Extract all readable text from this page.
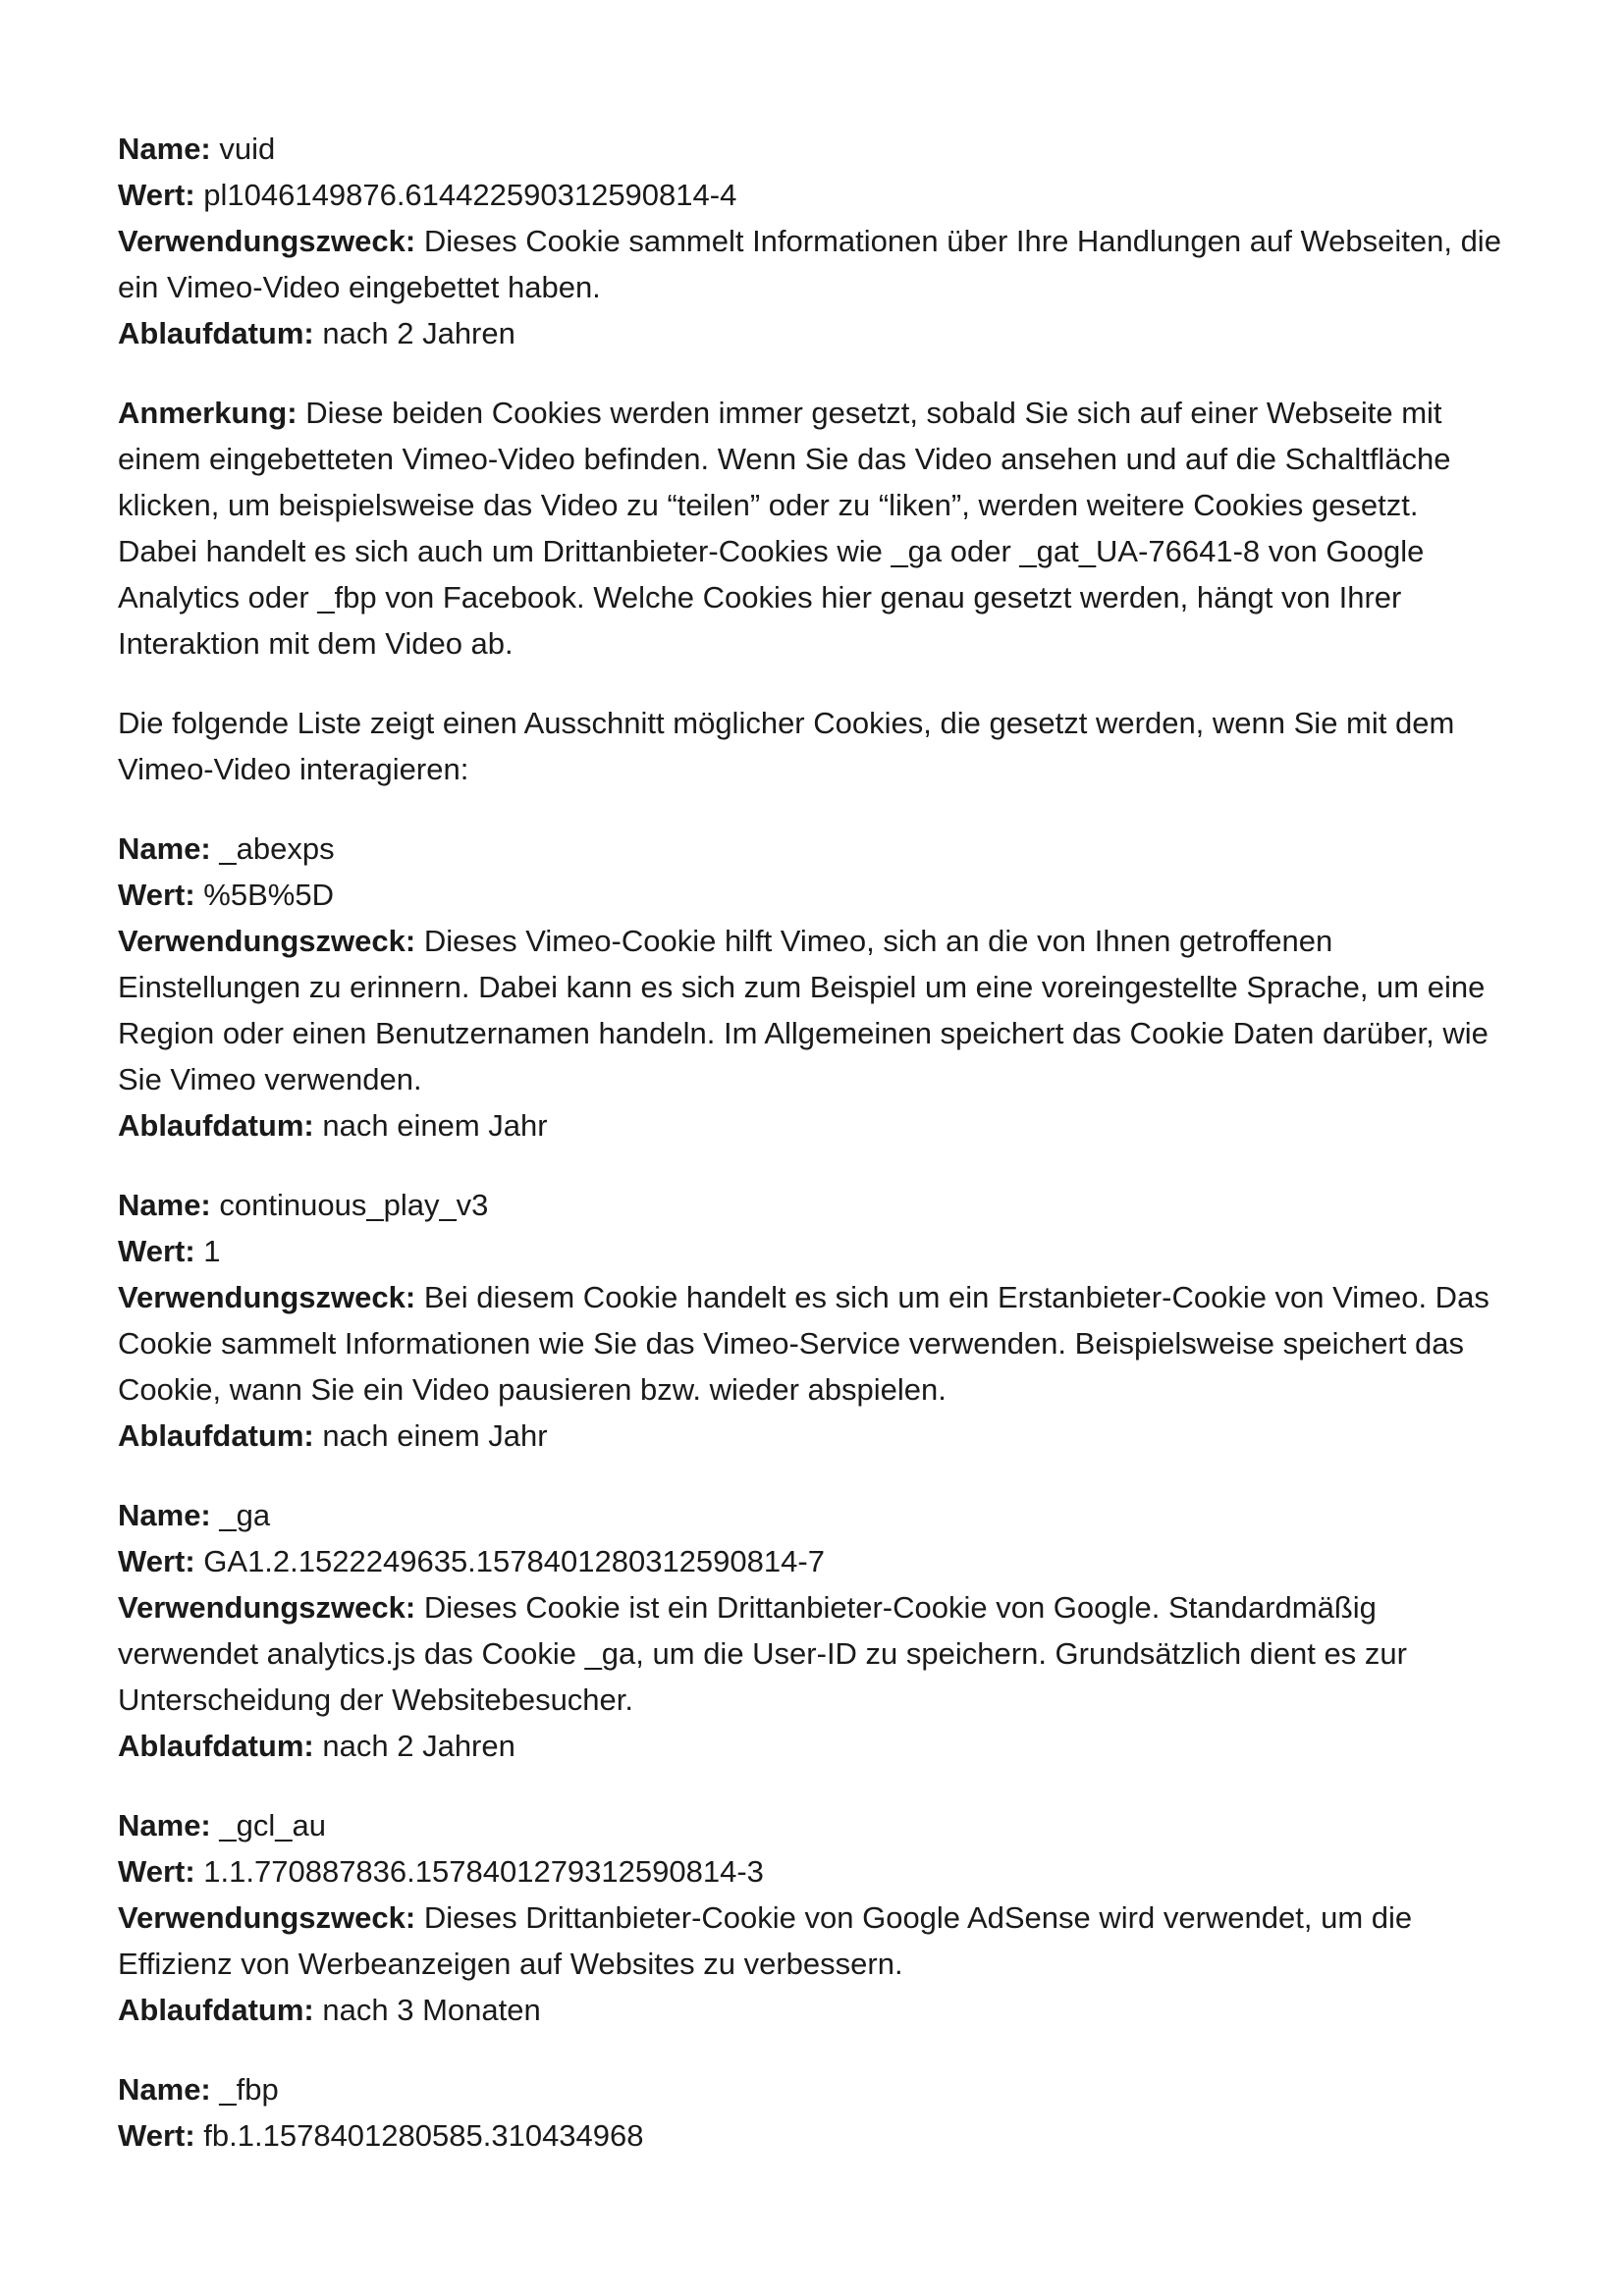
Name: vuid

Wert: pl1046149876.614422590312590814-4

Verwendungszweck: Dieses Cookie sammelt Informationen über Ihre Handlungen auf Webseiten, die ein Vimeo-Video eingebettet haben.

Ablaufdatum: nach 2 Jahren

Anmerkung: Diese beiden Cookies werden immer gesetzt, sobald Sie sich auf einer Webseite mit einem eingebetteten Vimeo-Video befinden. Wenn Sie das Video ansehen und auf die Schaltfläche klicken, um beispielsweise das Video zu “teilen” oder zu “liken”, werden weitere Cookies gesetzt. Dabei handelt es sich auch um Drittanbieter-Cookies wie _ga oder _gat_UA-76641-8 von Google Analytics oder _fbp von Facebook. Welche Cookies hier genau gesetzt werden, hängt von Ihrer Interaktion mit dem Video ab.

Die folgende Liste zeigt einen Ausschnitt möglicher Cookies, die gesetzt werden, wenn Sie mit dem Vimeo-Video interagieren:

Name: _abexps

Wert: %5B%5D

Verwendungszweck: Dieses Vimeo-Cookie hilft Vimeo, sich an die von Ihnen getroffenen Einstellungen zu erinnern. Dabei kann es sich zum Beispiel um eine voreingestellte Sprache, um eine Region oder einen Benutzernamen handeln. Im Allgemeinen speichert das Cookie Daten darüber, wie Sie Vimeo verwenden.

Ablaufdatum: nach einem Jahr

Name: continuous_play_v3

Wert: 1

Verwendungszweck: Bei diesem Cookie handelt es sich um ein Erstanbieter-Cookie von Vimeo. Das Cookie sammelt Informationen wie Sie das Vimeo-Service verwenden. Beispielsweise speichert das Cookie, wann Sie ein Video pausieren bzw. wieder abspielen.

Ablaufdatum: nach einem Jahr

Name: _ga

Wert: GA1.2.1522249635.1578401280312590814-7

Verwendungszweck: Dieses Cookie ist ein Drittanbieter-Cookie von Google. Standardmäßig verwendet analytics.js das Cookie _ga, um die User-ID zu speichern. Grundsätzlich dient es zur Unterscheidung der Websitebesucher.

Ablaufdatum: nach 2 Jahren

Name: _gcl_au

Wert: 1.1.770887836.1578401279312590814-3

Verwendungszweck: Dieses Drittanbieter-Cookie von Google AdSense wird verwendet, um die Effizienz von Werbeanzeigen auf Websites zu verbessern.

Ablaufdatum: nach 3 Monaten

Name: _fbp

Wert: fb.1.1578401280585.310434968
